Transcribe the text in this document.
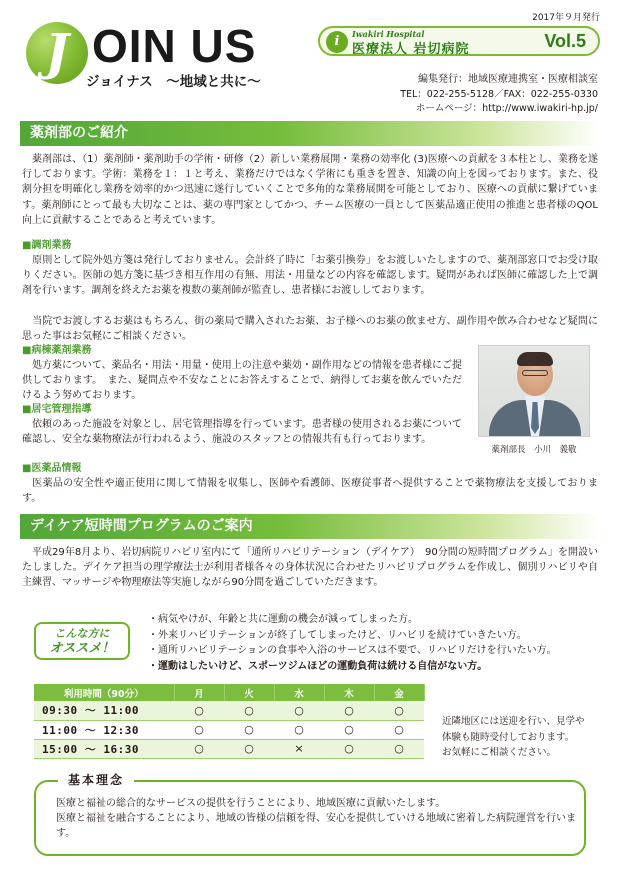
2017年９月発行
J OIN US
ジョイナス　～地域と共に～
i	Iwakiri Hospital
医療法人 岩切病院	Vol.5
編集発行：地域医療連携室・医療相談室
TEL：022-255-5128／FAX：022-255-0330
ホームページ：http://www.iwakiri-hp.jp/
薬剤部のご紹介
　薬剤部は、（1）薬剤師・薬剤助手の学術・研修（2）新しい業務展開・業務の効率化 (3)医療への貢献を３本柱とし、業務を遂行しております。学術：業務を１：１と考え、業務だけではなく学術にも重きを置き、知識の向上を図っております。また、役割分担を明確化し業務を効率的かつ迅速に遂行していくことで多角的な業務展開を可能としており、医療への貢献に繋げています。薬剤師にとって最も大切なことは、薬の専門家としてかつ、チーム医療の一員として医薬品適正使用の推進と患者様のQOL向上に貢献することであると考えています。
■調剤業務
　原則として院外処方箋は発行しておりません。会計終了時に「お薬引換券」をお渡しいたしますので、薬剤部窓口でお受け取りください。医師の処方箋に基づき相互作用の有無、用法・用量などの内容を確認します。疑問があれば医師に確認した上で調剤を行います。調剤を終えたお薬を複数の薬剤師が監査し、患者様にお渡ししております。
　当院でお渡しするお薬はもちろん、街の薬局で購入されたお薬、お子様へのお薬の飲ませ方、副作用や飲み合わせなど疑問に思った事はお気軽にご相談ください。
■病棟薬剤業務
　処方薬について、薬品名・用法・用量・使用上の注意や薬効・副作用などの情報を患者様にご提供しております。　また、疑問点や不安なことにお答えすることで、納得してお薬を飲んでいただけるよう努めております。
■居宅管理指導
　依頼のあった施設を対象とし、居宅管理指導を行っています。患者様の使用されるお薬について確認し、安全な薬物療法が行われるよう、施設のスタッフとの情報共有も行っております。
■医薬品情報
　医薬品の安全性や適正使用に関して情報を収集し、医師や看護師、医療従事者へ提供することで薬物療法を支援しております。
薬剤部長　小川　義敬
デイケア短時間プログラムのご案内
　平成29年8月より、岩切病院リハビリ室内にて「通所リハビリテーション（デイケア）　90分間の短時間プログラム」を開設いたしました。デイケア担当の理学療法士が利用者様各々の身体状況に合わせたリハビリプログラムを作成し、個別リハビリや自主練習、マッサージや物理療法等実施しながら90分間を過ごしていただきます。
こんな方に
オススメ！
・病気やけが、年齢と共に運動の機会が減ってしまった方。
・外来リハビリテーションが終了してしまったけど、リハビリを続けていきたい方。
・通所リハビリテーションの食事や入浴のサービスは不要で、リハビリだけを行いたい方。
・運動はしたいけど、スポーツジムほどの運動負荷は続ける自信がない方。
利用時間（90分）	月	火	水	木	金
09:30 ～ 11:00	○	○	○	○	○
11:00 ～ 12:30	○	○	○	○	○
15:00 ～ 16:30	○	○	×	○	○
近隣地区には送迎を行い、見学や
体験も随時受付しております。
お気軽にご相談ください。
基本理念
医療と福祉の総合的なサービスの提供を行うことにより、地域医療に貢献いたします。
医療と福祉を融合することにより、地域の皆様の信頼を得、安心を提供していける地域に密着した病院運営を行います。
